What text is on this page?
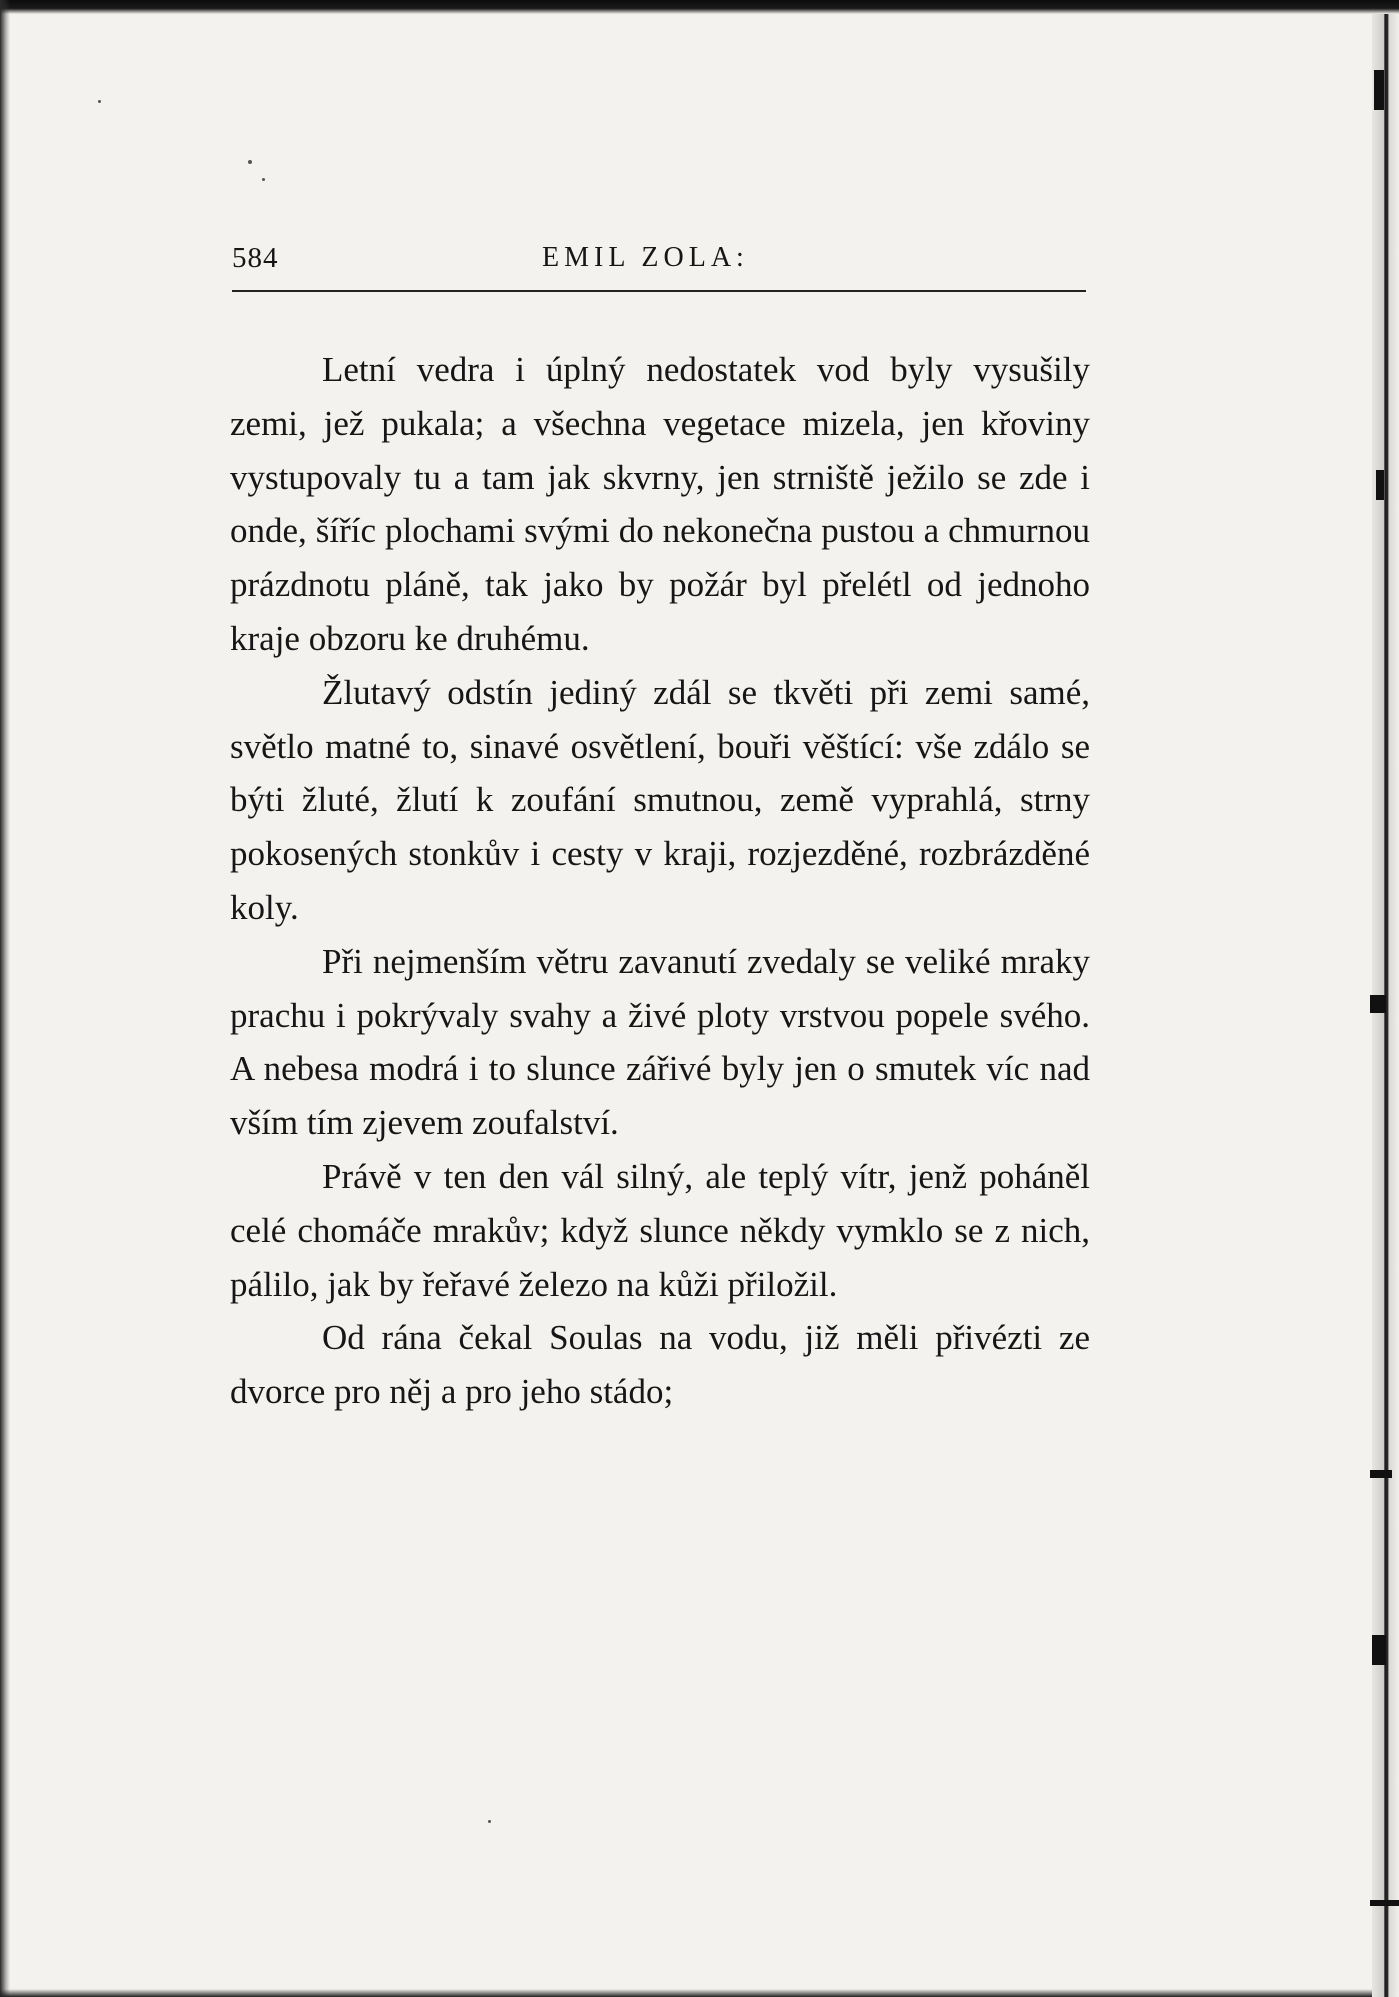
584	EMIL ZOLA:

Letní vedra i úplný nedostatek vod byly vysušily zemi, jež pukala; a všechna vegetace mizela, jen křoviny vystupovaly tu a tam jak skvrny, jen strniště ježilo se zde i onde, šíříc plochami svými do nekonečna pustou a chmurnou prázdnotu pláně, tak jako by požár byl přelétl od jednoho kraje obzoru ke druhému.

Žlutavý odstín jediný zdál se tkvěti při zemi samé, světlo matné to, sinavé osvětlení, bouři věštící: vše zdálo se býti žluté, žlutí k zoufání smutnou, země vyprahlá, strny pokosených stonkův i cesty v kraji, rozjezděné, rozbrázděné koly.

Při nejmenším větru zavanutí zvedaly se veliké mraky prachu i pokrývaly svahy a živé ploty vrstvou popele svého. A nebesa modrá i to slunce zářivé byly jen o smutek víc nad vším tím zjevem zoufalství.

Právě v ten den vál silný, ale teplý vítr, jenž poháněl celé chomáče mrakův; když slunce někdy vymklo se z nich, pálilo, jak by řeřavé železo na kůži přiložil.

Od rána čekal Soulas na vodu, již měli přivézti ze dvorce pro něj a pro jeho stádo;
